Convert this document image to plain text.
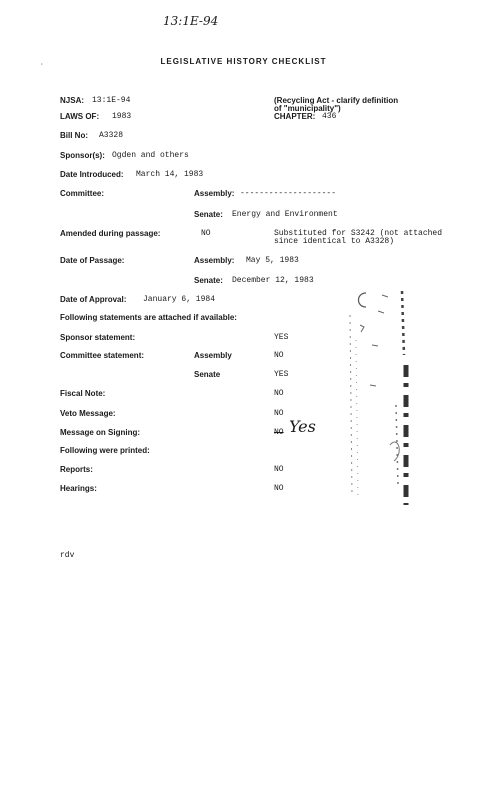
13:1E-94
·	LEGISLATIVE HISTORY CHECKLIST
NJSA: 13:1E-94	(Recycling Act - clarify definition
of "municipality")
LAWS OF: 1983	CHAPTER: 436
Bill No: A3328
Sponsor(s): Ogden and others
Date Introduced: March 14, 1983
Committee:	Assembly: --------------------
Senate: Energy and Environment
Amended during passage:	NO	Substituted for S3242 (not attached
since identical to A3328)
Date of Passage:	Assembly: May 5, 1983
Senate: December 12, 1983
Date of Approval: January 6, 1984
Following statements are attached if available:
Sponsor statement:	YES
Committee statement:	Assembly	NO
Senate	YES
Fiscal Note:	NO
Veto Message:	NO
Message on Signing:	NO Yes
Following were printed:
Reports:	NO
Hearings:	NO
rdv
